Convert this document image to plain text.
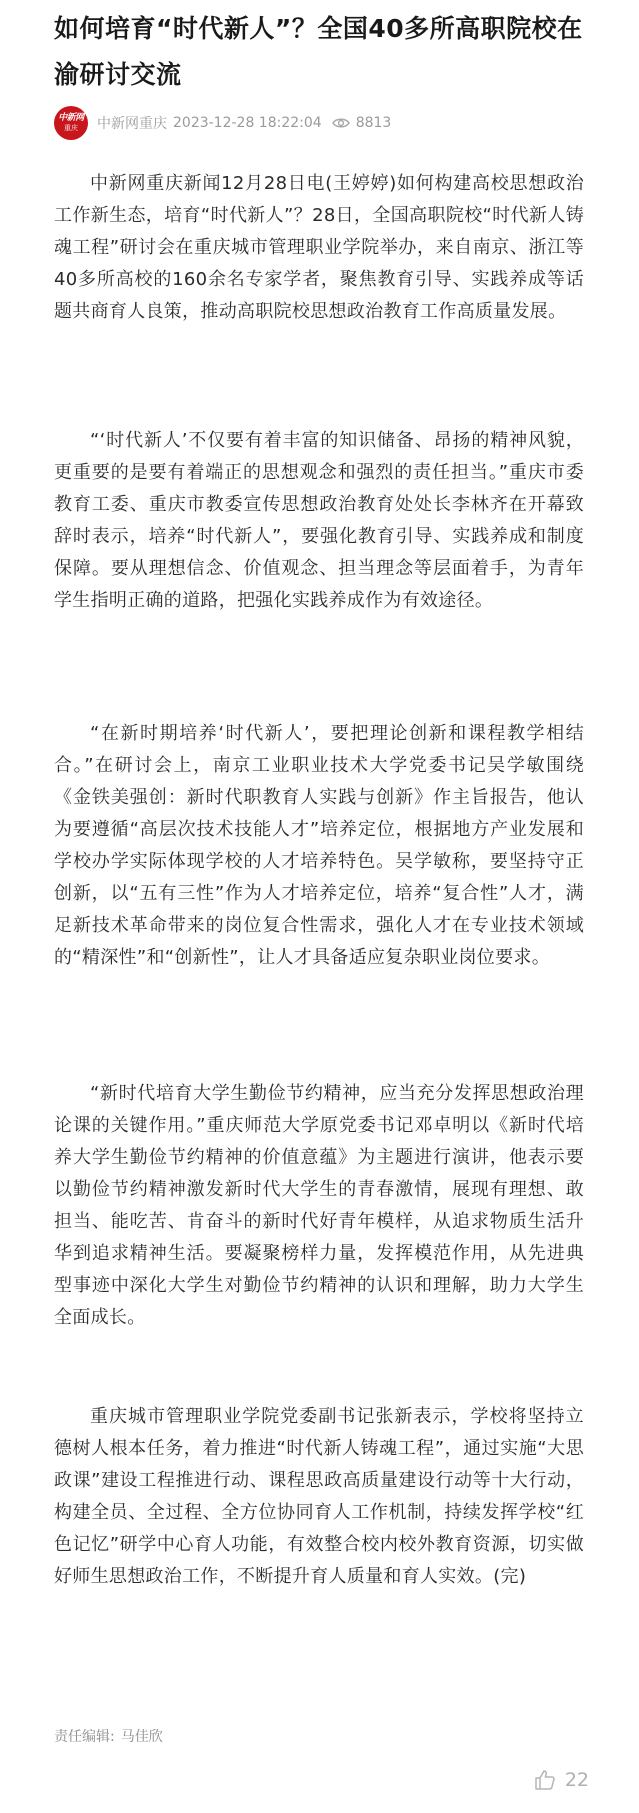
如何培育“时代新人”？全国40多所高职院校在渝研讨交流
中新网
重庆 中新网重庆 2023-12-28 18:22:04 8813

中新网重庆新闻12月28日电(王婷婷)如何构建高校思想政治工作新生态，培育“时代新人”？28日，全国高职院校“时代新人铸魂工程”研讨会在重庆城市管理职业学院举办，来自南京、浙江等40多所高校的160余名专家学者，聚焦教育引导、实践养成等话题共商育人良策，推动高职院校思想政治教育工作高质量发展。

“‘时代新人’不仅要有着丰富的知识储备、昂扬的精神风貌，更重要的是要有着端正的思想观念和强烈的责任担当。”重庆市委教育工委、重庆市教委宣传思想政治教育处处长李林齐在开幕致辞时表示，培养“时代新人”，要强化教育引导、实践养成和制度保障。要从理想信念、价值观念、担当理念等层面着手，为青年学生指明正确的道路，把强化实践养成作为有效途径。

“在新时期培养‘时代新人’，要把理论创新和课程教学相结合。”在研讨会上，南京工业职业技术大学党委书记吴学敏围绕《金铁美强创：新时代职教育人实践与创新》作主旨报告，他认为要遵循“高层次技术技能人才”培养定位，根据地方产业发展和学校办学实际体现学校的人才培养特色。吴学敏称，要坚持守正创新，以“五有三性”作为人才培养定位，培养“复合性”人才，满足新技术革命带来的岗位复合性需求，强化人才在专业技术领域的“精深性”和“创新性”，让人才具备适应复杂职业岗位要求。

“新时代培育大学生勤俭节约精神，应当充分发挥思想政治理论课的关键作用。”重庆师范大学原党委书记邓卓明以《新时代培养大学生勤俭节约精神的价值意蕴》为主题进行演讲，他表示要以勤俭节约精神激发新时代大学生的青春激情，展现有理想、敢担当、能吃苦、肯奋斗的新时代好青年模样，从追求物质生活升华到追求精神生活。要凝聚榜样力量，发挥模范作用，从先进典型事迹中深化大学生对勤俭节约精神的认识和理解，助力大学生全面成长。

重庆城市管理职业学院党委副书记张新表示，学校将坚持立德树人根本任务，着力推进“时代新人铸魂工程”，通过实施“大思政课”建设工程推进行动、课程思政高质量建设行动等十大行动，构建全员、全过程、全方位协同育人工作机制，持续发挥学校“红色记忆”研学中心育人功能，有效整合校内校外教育资源，切实做好师生思想政治工作，不断提升育人质量和育人实效。(完)

责任编辑: 马佳欣
22
